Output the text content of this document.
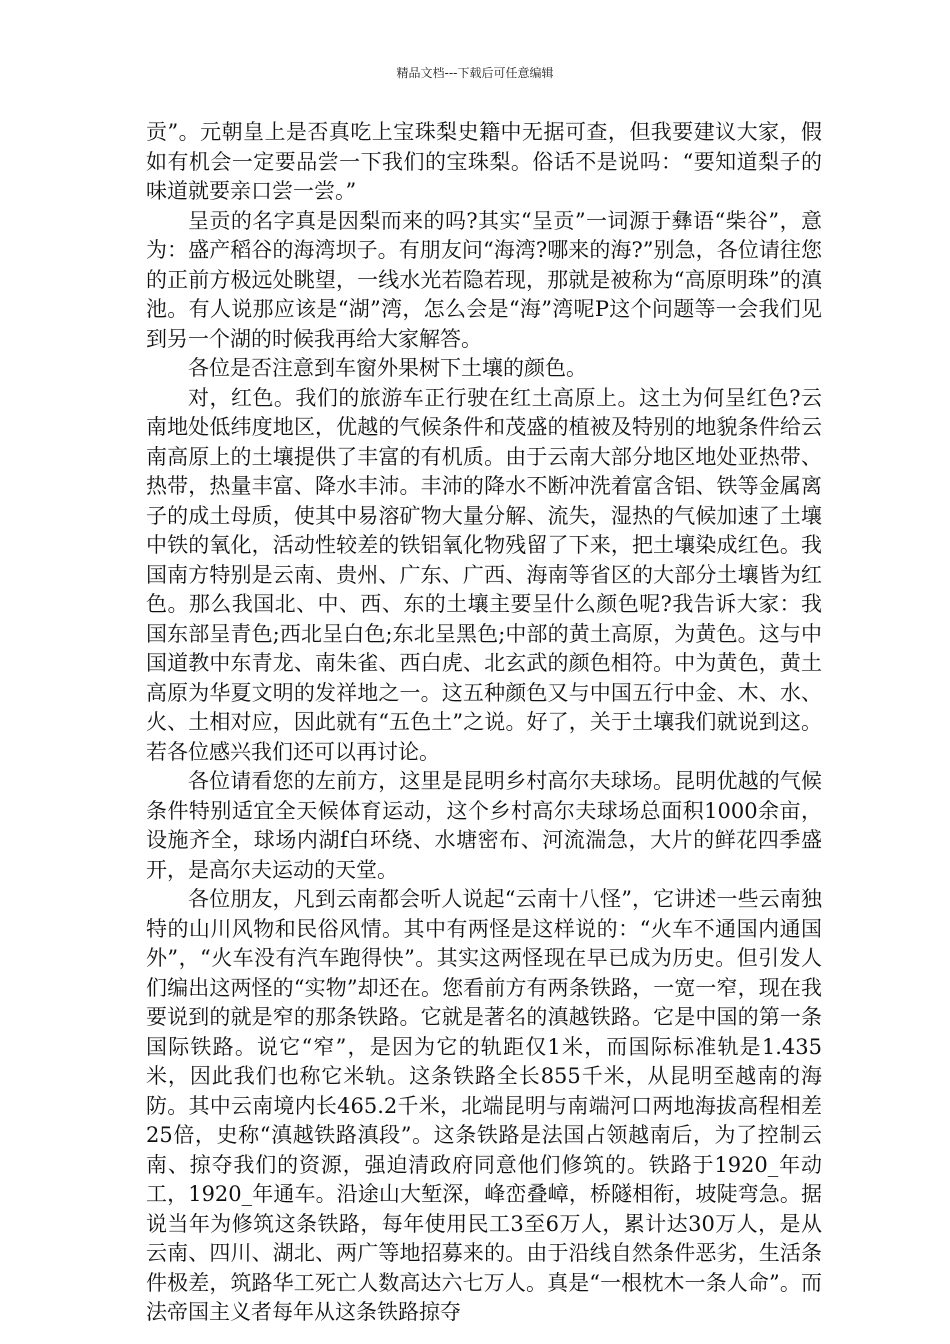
精品文档---下载后可任意编辑

贡”。元朝皇上是否真吃上宝珠梨史籍中无据可查，但我要建议大家，假如有机会一定要品尝一下我们的宝珠梨。俗话不是说吗：“要知道梨子的味道就要亲口尝一尝。”

呈贡的名字真是因梨而来的吗?其实“呈贡”一词源于彝语“柴谷”，意为：盛产稻谷的海湾坝子。有朋友问“海湾?哪来的海?”别急，各位请往您的正前方极远处眺望，一线水光若隐若现，那就是被称为“高原明珠”的滇池。有人说那应该是“湖”湾，怎么会是“海”湾呢P这个问题等一会我们见到另一个湖的时候我再给大家解答。

各位是否注意到车窗外果树下土壤的颜色。

对，红色。我们的旅游车正行驶在红土高原上。这土为何呈红色?云南地处低纬度地区，优越的气候条件和茂盛的植被及特别的地貌条件给云南高原上的土壤提供了丰富的有机质。由于云南大部分地区地处亚热带、热带，热量丰富、降水丰沛。丰沛的降水不断冲洗着富含铝、铁等金属离子的成土母质，使其中易溶矿物大量分解、流失，湿热的气候加速了土壤中铁的氧化，活动性较差的铁铝氧化物残留了下来，把土壤染成红色。我国南方特别是云南、贵州、广东、广西、海南等省区的大部分土壤皆为红色。那么我国北、中、西、东的土壤主要呈什么颜色呢?我告诉大家：我国东部呈青色;西北呈白色;东北呈黑色;中部的黄土高原，为黄色。这与中国道教中东青龙、南朱雀、西白虎、北玄武的颜色相符。中为黄色，黄土高原为华夏文明的发祥地之一。这五种颜色又与中国五行中金、木、水、火、土相对应，因此就有“五色土”之说。好了，关于土壤我们就说到这。若各位感兴我们还可以再讨论。

各位请看您的左前方，这里是昆明乡村高尔夫球场。昆明优越的气候条件特别适宜全天候体育运动，这个乡村高尔夫球场总面积1000余亩，设施齐全，球场内湖f白环绕、水塘密布、河流湍急，大片的鲜花四季盛开，是高尔夫运动的天堂。

各位朋友，凡到云南都会听人说起“云南十八怪”，它讲述一些云南独特的山川风物和民俗风情。其中有两怪是这样说的：“火车不通国内通国外”，“火车没有汽车跑得快”。其实这两怪现在早已成为历史。但引发人们编出这两怪的“实物”却还在。您看前方有两条铁路，一宽一窄，现在我要说到的就是窄的那条铁路。它就是著名的滇越铁路。它是中国的第一条国际铁路。说它“窄”，是因为它的轨距仅1米，而国际标准轨是1.435米，因此我们也称它米轨。这条铁路全长855千米，从昆明至越南的海防。其中云南境内长465.2千米，北端昆明与南端河口两地海拔高程相差25倍，史称“滇越铁路滇段”。这条铁路是法国占领越南后，为了控制云南、掠夺我们的资源，强迫清政府同意他们修筑的。铁路于1920_年动工，1920_年通车。沿途山大堑深，峰峦叠嶂，桥隧相衔，坡陡弯急。据说当年为修筑这条铁路，每年使用民工3至6万人，累计达30万人，是从云南、四川、湖北、两广等地招募来的。由于沿线自然条件恶劣，生活条件极差，筑路华工死亡人数高达六七万人。真是“一根枕木一条人命”。而法帝国主义者每年从这条铁路掠夺
